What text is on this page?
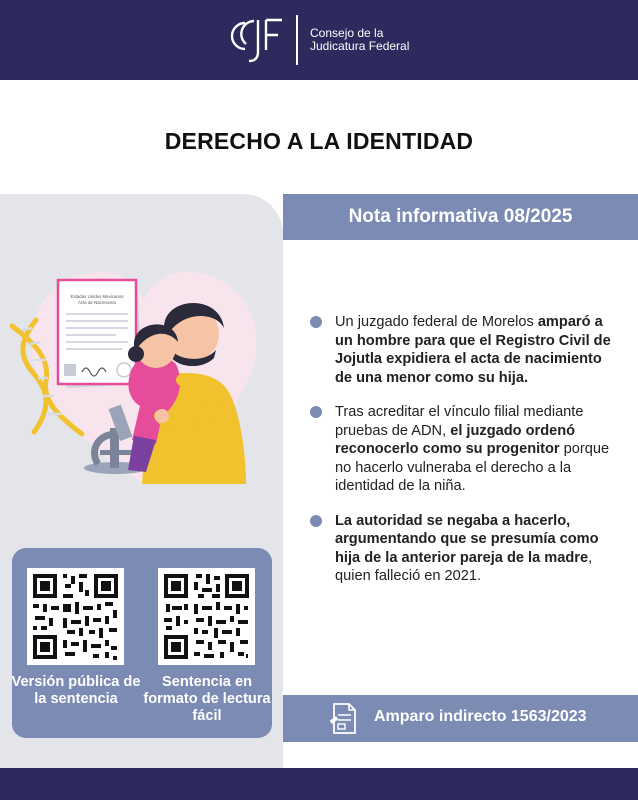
Consejo de la
Judicatura Federal
DERECHO A LA IDENTIDAD
Nota informativa 08/2025
Estados Unidos Mexicanos
Acta de Nacimiento
Un juzgado federal de Morelos amparó a un hombre para que el Registro Civil de Jojutla expidiera el acta de nacimiento de una menor como su hija.
Tras acreditar el vínculo filial mediante pruebas de ADN, el juzgado ordenó reconocerlo como su progenitor porque no hacerlo vulneraba el derecho a la identidad de la niña.
La autoridad se negaba a hacerlo, argumentando que se presumía como hija de la anterior pareja de la madre, quien falleció en 2021.
Versión pública de la sentencia
Sentencia en formato de lectura fácil	Amparo indirecto 1563/2023
